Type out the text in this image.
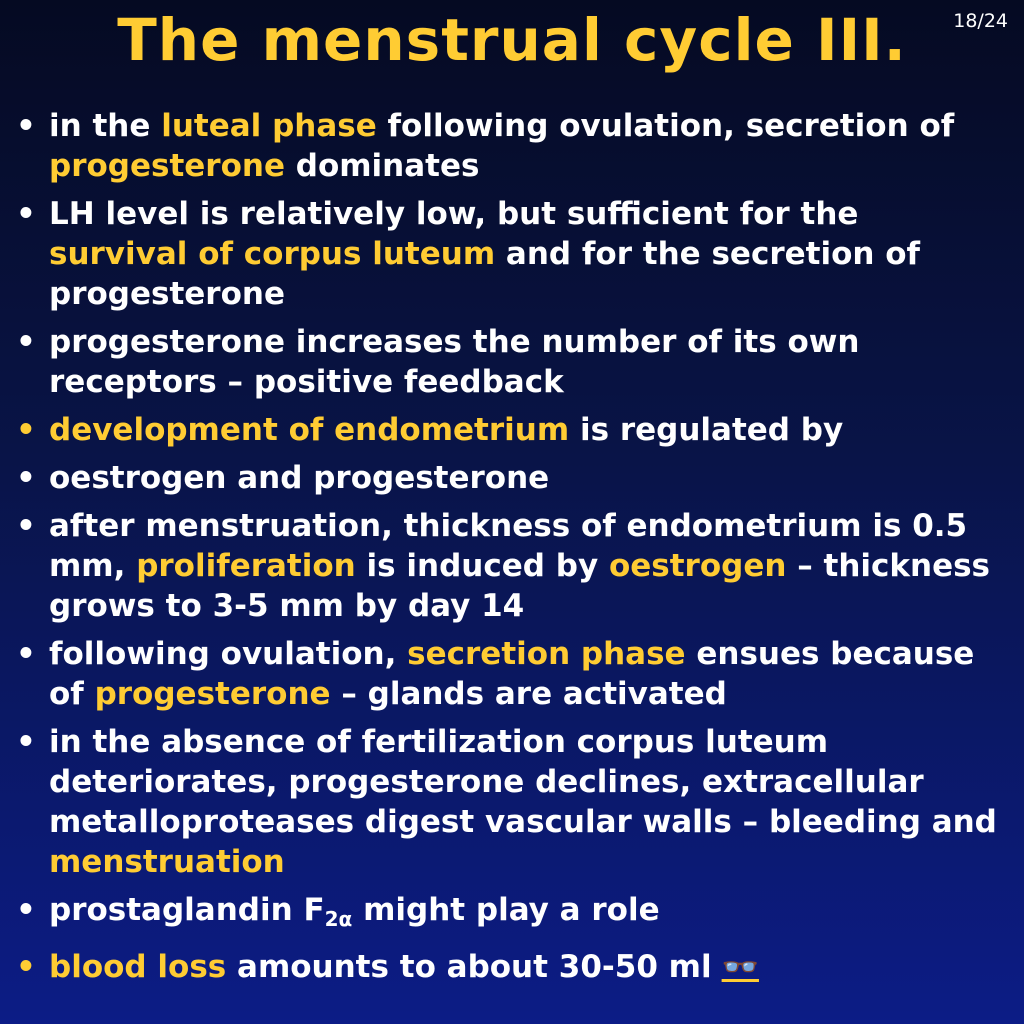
The menstrual cycle III.	18/24
• in the luteal phase following ovulation, secretion of progesterone dominates
• LH level is relatively low, but sufficient for the survival of corpus luteum and for the secretion of progesterone
• progesterone increases the number of its own receptors – positive feedback
• development of endometrium is regulated by
• oestrogen and progesterone
• after menstruation, thickness of endometrium is 0.5 mm, proliferation is induced by oestrogen – thickness grows to 3-5 mm by day 14
• following ovulation, secretion phase ensues because of progesterone – glands are activated
• in the absence of fertilization corpus luteum deteriorates, progesterone declines, extracellular metalloproteases digest vascular walls – bleeding and menstruation
• prostaglandin $F_{2\alpha}$ might play a role
• blood loss amounts to about 30-50 ml 👓
